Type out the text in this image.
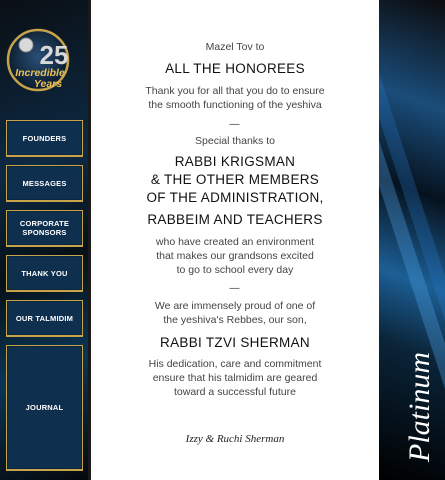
25
Incredible
Years
FOUNDERS
MESSAGES
CORPORATE
SPONSORS
THANK YOU
OUR TALMIDIM
JOURNAL
Mazel Tov to
ALL THE HONOREES
Thank you for all that you do to ensure
the smooth functioning of the yeshiva
—
Special thanks to
RABBI KRIGSMAN
& THE OTHER MEMBERS
OF THE ADMINISTRATION,
RABBEIM AND TEACHERS
who have created an environment
that makes our grandsons excited
to go to school every day
—
We are immensely proud of one of
the yeshiva's Rebbes, our son,
RABBI TZVI SHERMAN
His dedication, care and commitment
ensure that his talmidim are geared
toward a successful future
Izzy & Ruchi Sherman	Platinum
